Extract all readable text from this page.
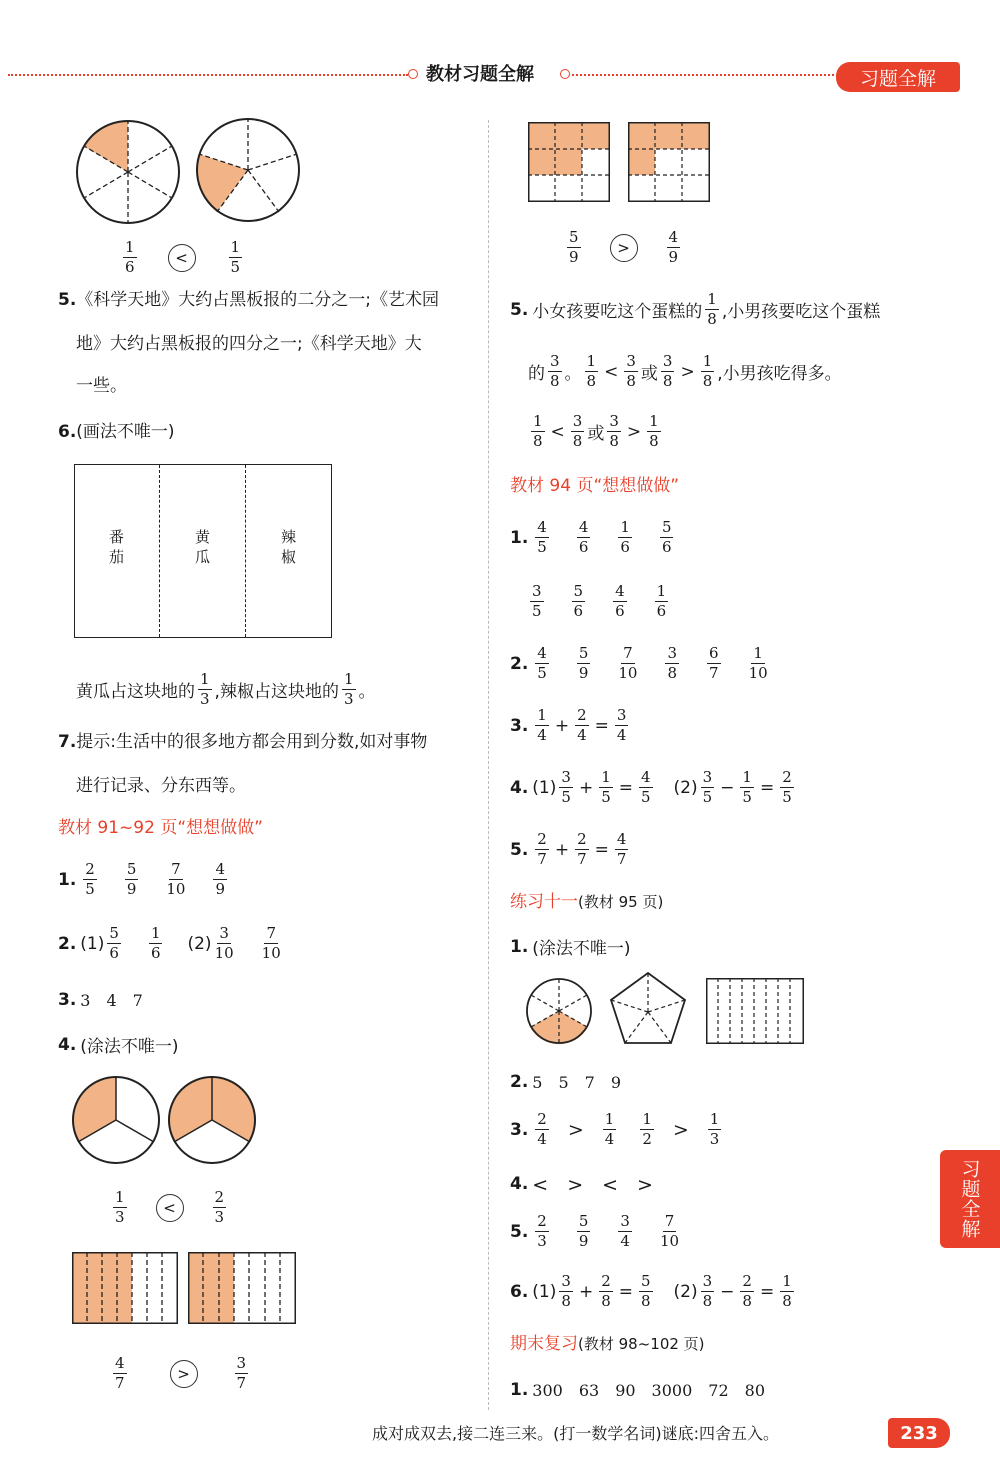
教材习题全解	习题全解
$\frac{1}{6}$	<	$\frac{1}{5}$
5.《科学天地》大约占黑板报的二分之一;《艺术园
地》大约占黑板报的四分之一;《科学天地》大
一些。
6.(画法不唯一)
番茄
黄瓜
辣椒
黄瓜占这块地的 $\frac{1}{3}$ ,辣椒占这块地的 $\frac{1}{3}$ 。
7.提示:生活中的很多地方都会用到分数,如对事物
进行记录、分东西等。
教材 91~92 页“想想做做”
1. $\frac{2}{5} \frac{5}{9} \frac{7}{10} \frac{4}{9}$
2. $(1) \frac{5}{6} \frac{1}{6} (2) \frac{3}{10} \frac{7}{10}$
3. 3　4　7
4. (涂法不唯一)
$\frac{1}{3}$	<	$\frac{2}{3}$
$\frac{4}{7}$	>	$\frac{3}{7}$
$\frac{5}{9}$	>	$\frac{4}{9}$
5. 小女孩要吃这个蛋糕的 $\frac{1}{8}$ ,小男孩要吃这个蛋糕
的 $\frac{3}{8}$ 。 $\frac{1}{8} < \frac{3}{8}$ 或 $\frac{3}{8} > \frac{1}{8}$ ,小男孩吃得多。
$\frac{1}{8} < \frac{3}{8}$ 或 $\frac{3}{8} > \frac{1}{8}$
教材 94 页“想想做做”
1. $\frac{4}{5} \frac{4}{6} \frac{1}{6} \frac{5}{6}$
$\frac{3}{5} \frac{5}{6} \frac{4}{6} \frac{1}{6}$
2. $\frac{4}{5} \frac{5}{9} \frac{7}{10} \frac{3}{8} \frac{6}{7} \frac{1}{10}$
3. $\frac{1}{4} + \frac{2}{4} = \frac{3}{4}$
4. $(1) \frac{3}{5} + \frac{1}{5} = \frac{4}{5} (2) \frac{3}{5} - \frac{1}{5} = \frac{2}{5}$
5. $\frac{2}{7} + \frac{2}{7} = \frac{4}{7}$
练习十一(教材 95 页)
1. (涂法不唯一)
2. 5　5　7　9
3. $\frac{2}{4} > \frac{1}{4} \frac{1}{2} > \frac{1}{3}$
4. <　>　<　>
5. $\frac{2}{3} \frac{5}{9} \frac{3}{4} \frac{7}{10}$
6. $(1) \frac{3}{8} + \frac{2}{8} = \frac{5}{8} (2) \frac{3}{8} - \frac{2}{8} = \frac{1}{8}$
期末复习(教材 98~102 页)
1. 300　63　90　3000　72　80
习题全解
成对成双去,接二连三来。(打一数学名词)谜底:四舍五入。	233
